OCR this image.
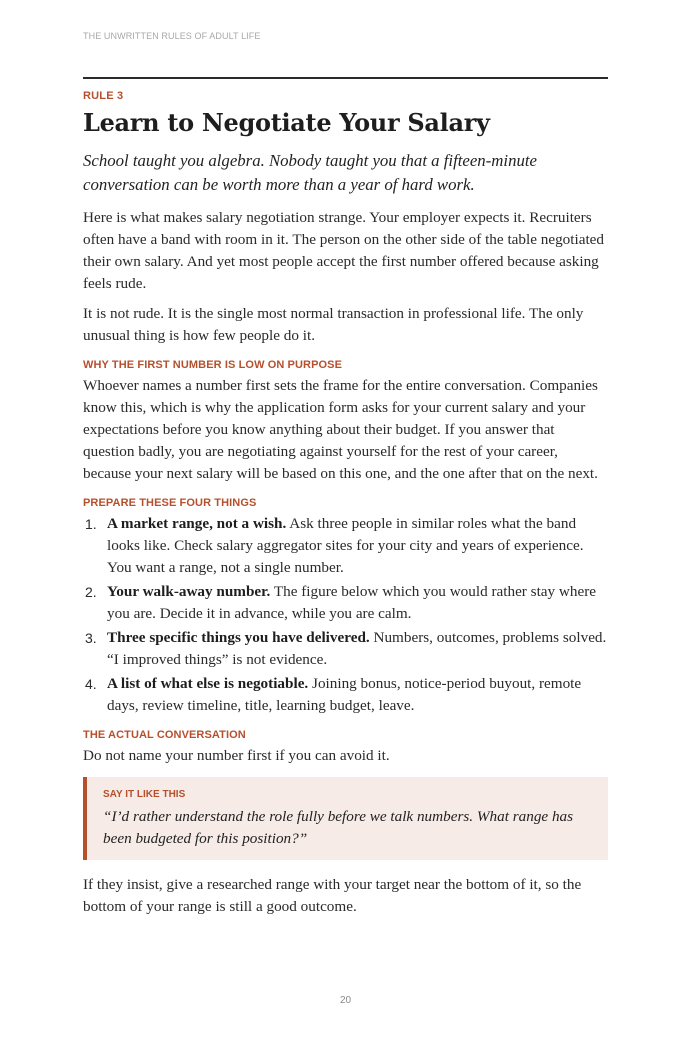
THE UNWRITTEN RULES OF ADULT LIFE

RULE 3

Learn to Negotiate Your Salary

School taught you algebra. Nobody taught you that a fifteen-minute conversation can be worth more than a year of hard work.

Here is what makes salary negotiation strange. Your employer expects it. Recruiters often have a band with room in it. The person on the other side of the table negotiated their own salary. And yet most people accept the first number offered because asking feels rude.

It is not rude. It is the single most normal transaction in professional life. The only unusual thing is how few people do it.

WHY THE FIRST NUMBER IS LOW ON PURPOSE

Whoever names a number first sets the frame for the entire conversation. Companies know this, which is why the application form asks for your current salary and your expectations before you know anything about their budget. If you answer that question badly, you are negotiating against yourself for the rest of your career, because your next salary will be based on this one, and the one after that on the next.

PREPARE THESE FOUR THINGS
1. A market range, not a wish. Ask three people in similar roles what the band looks like. Check salary aggregator sites for your city and years of experience. You want a range, not a single number.
2. Your walk-away number. The figure below which you would rather stay where you are. Decide it in advance, while you are calm.
3. Three specific things you have delivered. Numbers, outcomes, problems solved. “I improved things” is not evidence.
4. A list of what else is negotiable. Joining bonus, notice-period buyout, remote days, review timeline, title, learning budget, leave.
THE ACTUAL CONVERSATION

Do not name your number first if you can avoid it.

SAY IT LIKE THIS

“I’d rather understand the role fully before we talk numbers. What range has been budgeted for this position?”

If they insist, give a researched range with your target near the bottom of it, so the bottom of your range is still a good outcome.

20
